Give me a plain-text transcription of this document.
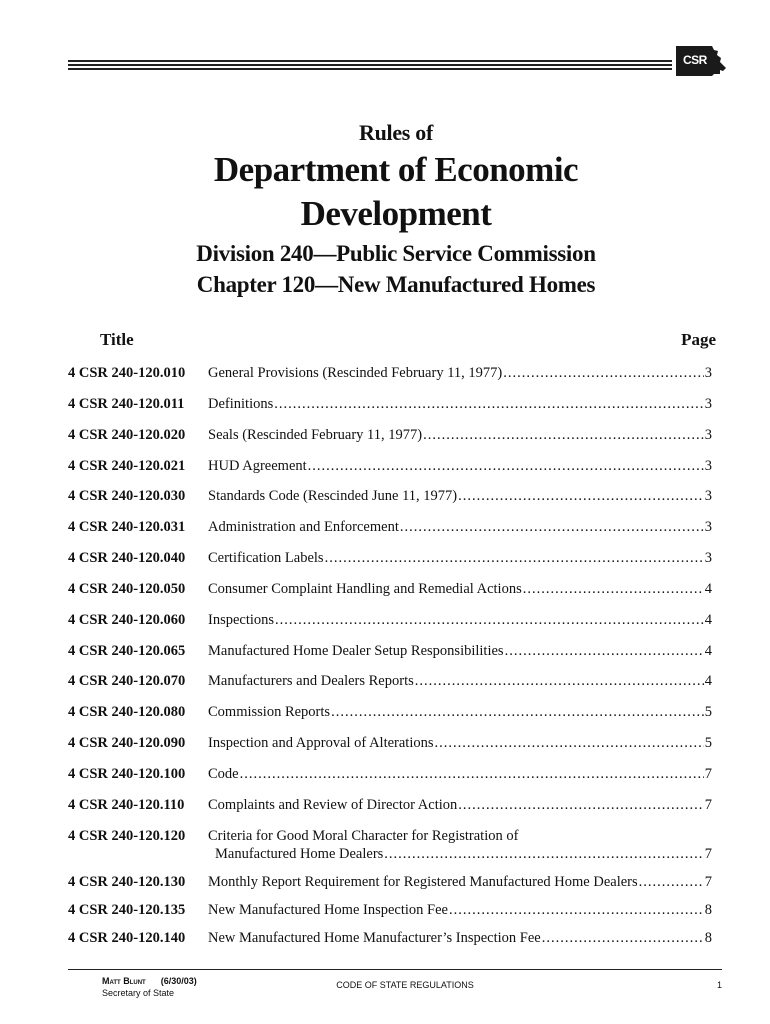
CSR
Rules of
Department of Economic Development
Division 240—Public Service Commission
Chapter 120—New Manufactured Homes
Title	Page
4 CSR 240-120.010 General Provisions (Rescinded February 11, 1977) .....	3
4 CSR 240-120.011 Definitions .....	3
4 CSR 240-120.020 Seals (Rescinded February 11, 1977) .....	3
4 CSR 240-120.021 HUD Agreement .....	3
4 CSR 240-120.030 Standards Code (Rescinded June 11, 1977) .....	3
4 CSR 240-120.031 Administration and Enforcement .....	3
4 CSR 240-120.040 Certification Labels .....	3
4 CSR 240-120.050 Consumer Complaint Handling and Remedial Actions .....	4
4 CSR 240-120.060 Inspections .....	4
4 CSR 240-120.065 Manufactured Home Dealer Setup Responsibilities .....	4
4 CSR 240-120.070 Manufacturers and Dealers Reports .....	4
4 CSR 240-120.080 Commission Reports .....	5
4 CSR 240-120.090 Inspection and Approval of Alterations .....	5
4 CSR 240-120.100 Code .....	7
4 CSR 240-120.110 Complaints and Review of Director Action .....	7
4 CSR 240-120.120 Criteria for Good Moral Character for Registration of
Manufactured Home Dealers .....	7
4 CSR 240-120.130 Monthly Report Requirement for Registered Manufactured Home Dealers .....	7
4 CSR 240-120.135 New Manufactured Home Inspection Fee .....	8
4 CSR 240-120.140 New Manufactured Home Manufacturer’s Inspection Fee .....	8
Matt Blunt (6/30/03)
Secretary of State
CODE OF STATE REGULATIONS	1
